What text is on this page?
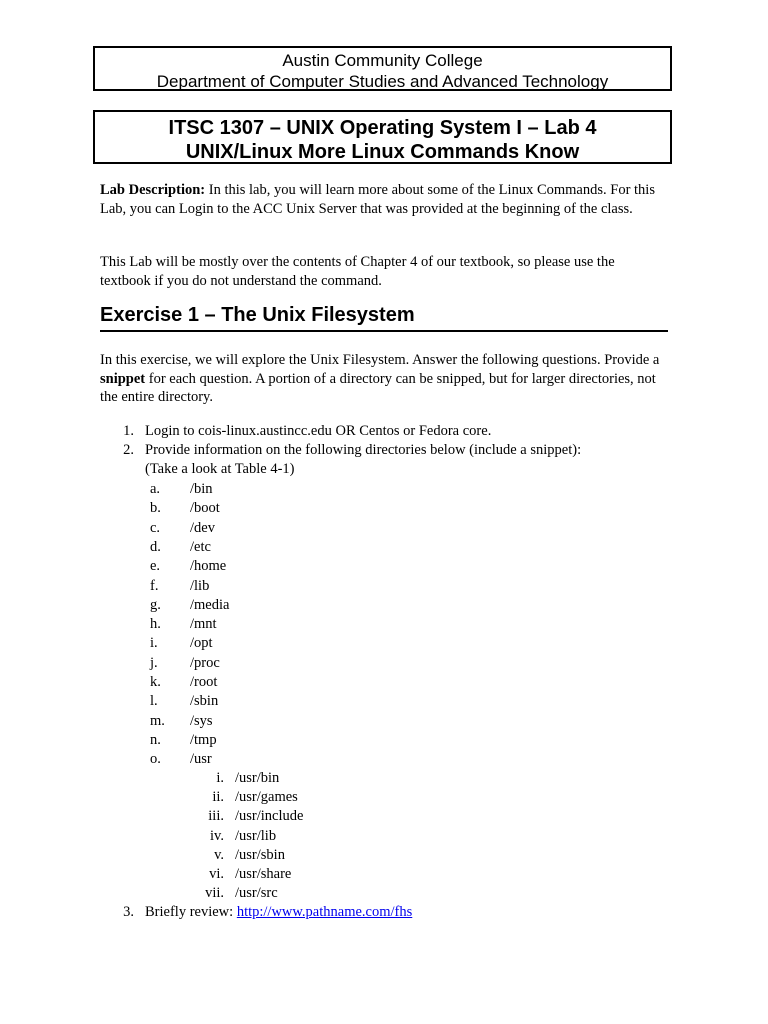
Austin Community College
Department of Computer Studies and Advanced Technology
ITSC 1307 – UNIX Operating System I – Lab 4
UNIX/Linux More Linux Commands Know

Lab Description: In this lab, you will learn more about some of the Linux Commands. For this Lab, you can Login to the ACC Unix Server that was provided at the beginning of the class.

This Lab will be mostly over the contents of Chapter 4 of our textbook, so please use the textbook if you do not understand the command.

Exercise 1 – The Unix Filesystem

In this exercise, we will explore the Unix Filesystem. Answer the following questions. Provide a snippet for each question. A portion of a directory can be snipped, but for larger directories, not the entire directory.

1. Login to cois-linux.austincc.edu OR Centos or Fedora core.
2. Provide information on the following directories below (include a snippet):
(Take a look at Table 4-1)
a.	/bin
b.	/boot
c.	/dev
d.	/etc
e.	/home
f.	/lib
g.	/media
h.	/mnt
i.	/opt
j.	/proc
k.	/root
l.	/sbin
m.	/sys
n.	/tmp
o.	/usr
i. /usr/bin
ii. /usr/games
iii. /usr/include
iv. /usr/lib
v. /usr/sbin
vi. /usr/share
vii. /usr/src
3. Briefly review: http://www.pathname.com/fhs
